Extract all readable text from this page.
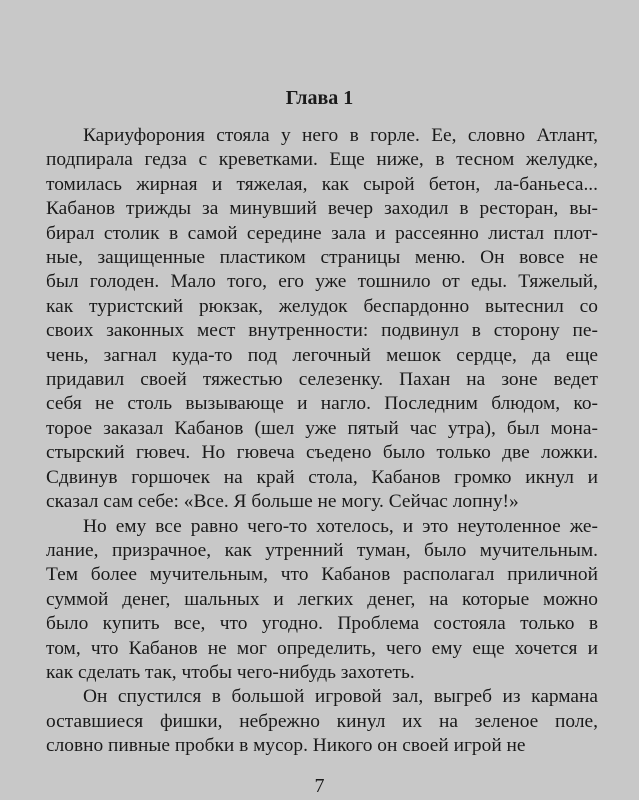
Глава 1

Кариуфорония стояла у него в горле. Ее, словно Атлант,
подпирала гедза с креветками. Еще ниже, в тесном желудке,
томилась жирная и тяжелая, как сырой бетон, ла-баньеса...
Кабанов трижды за минувший вечер заходил в ресторан, вы-
бирал столик в самой середине зала и рассеянно листал плот-
ные, защищенные пластиком страницы меню. Он вовсе не
был голоден. Мало того, его уже тошнило от еды. Тяжелый,
как туристский рюкзак, желудок беспардонно вытеснил со
своих законных мест внутренности: подвинул в сторону пе-
чень, загнал куда-то под легочный мешок сердце, да еще
придавил своей тяжестью селезенку. Пахан на зоне ведет
себя не столь вызывающе и нагло. Последним блюдом, ко-
торое заказал Кабанов (шел уже пятый час утра), был мона-
стырский гювеч. Но гювеча съедено было только две ложки.
Сдвинув горшочек на край стола, Кабанов громко икнул и
сказал сам себе: «Все. Я больше не могу. Сейчас лопну!»

Но ему все равно чего-то хотелось, и это неутоленное же-
лание, призрачное, как утренний туман, было мучительным.
Тем более мучительным, что Кабанов располагал приличной
суммой денег, шальных и легких денег, на которые можно
было купить все, что угодно. Проблема состояла только в
том, что Кабанов не мог определить, чего ему еще хочется и
как сделать так, чтобы чего-нибудь захотеть.

Он спустился в большой игровой зал, выгреб из кармана
оставшиеся фишки, небрежно кинул их на зеленое поле,
словно пивные пробки в мусор. Никого он своей игрой не

7
